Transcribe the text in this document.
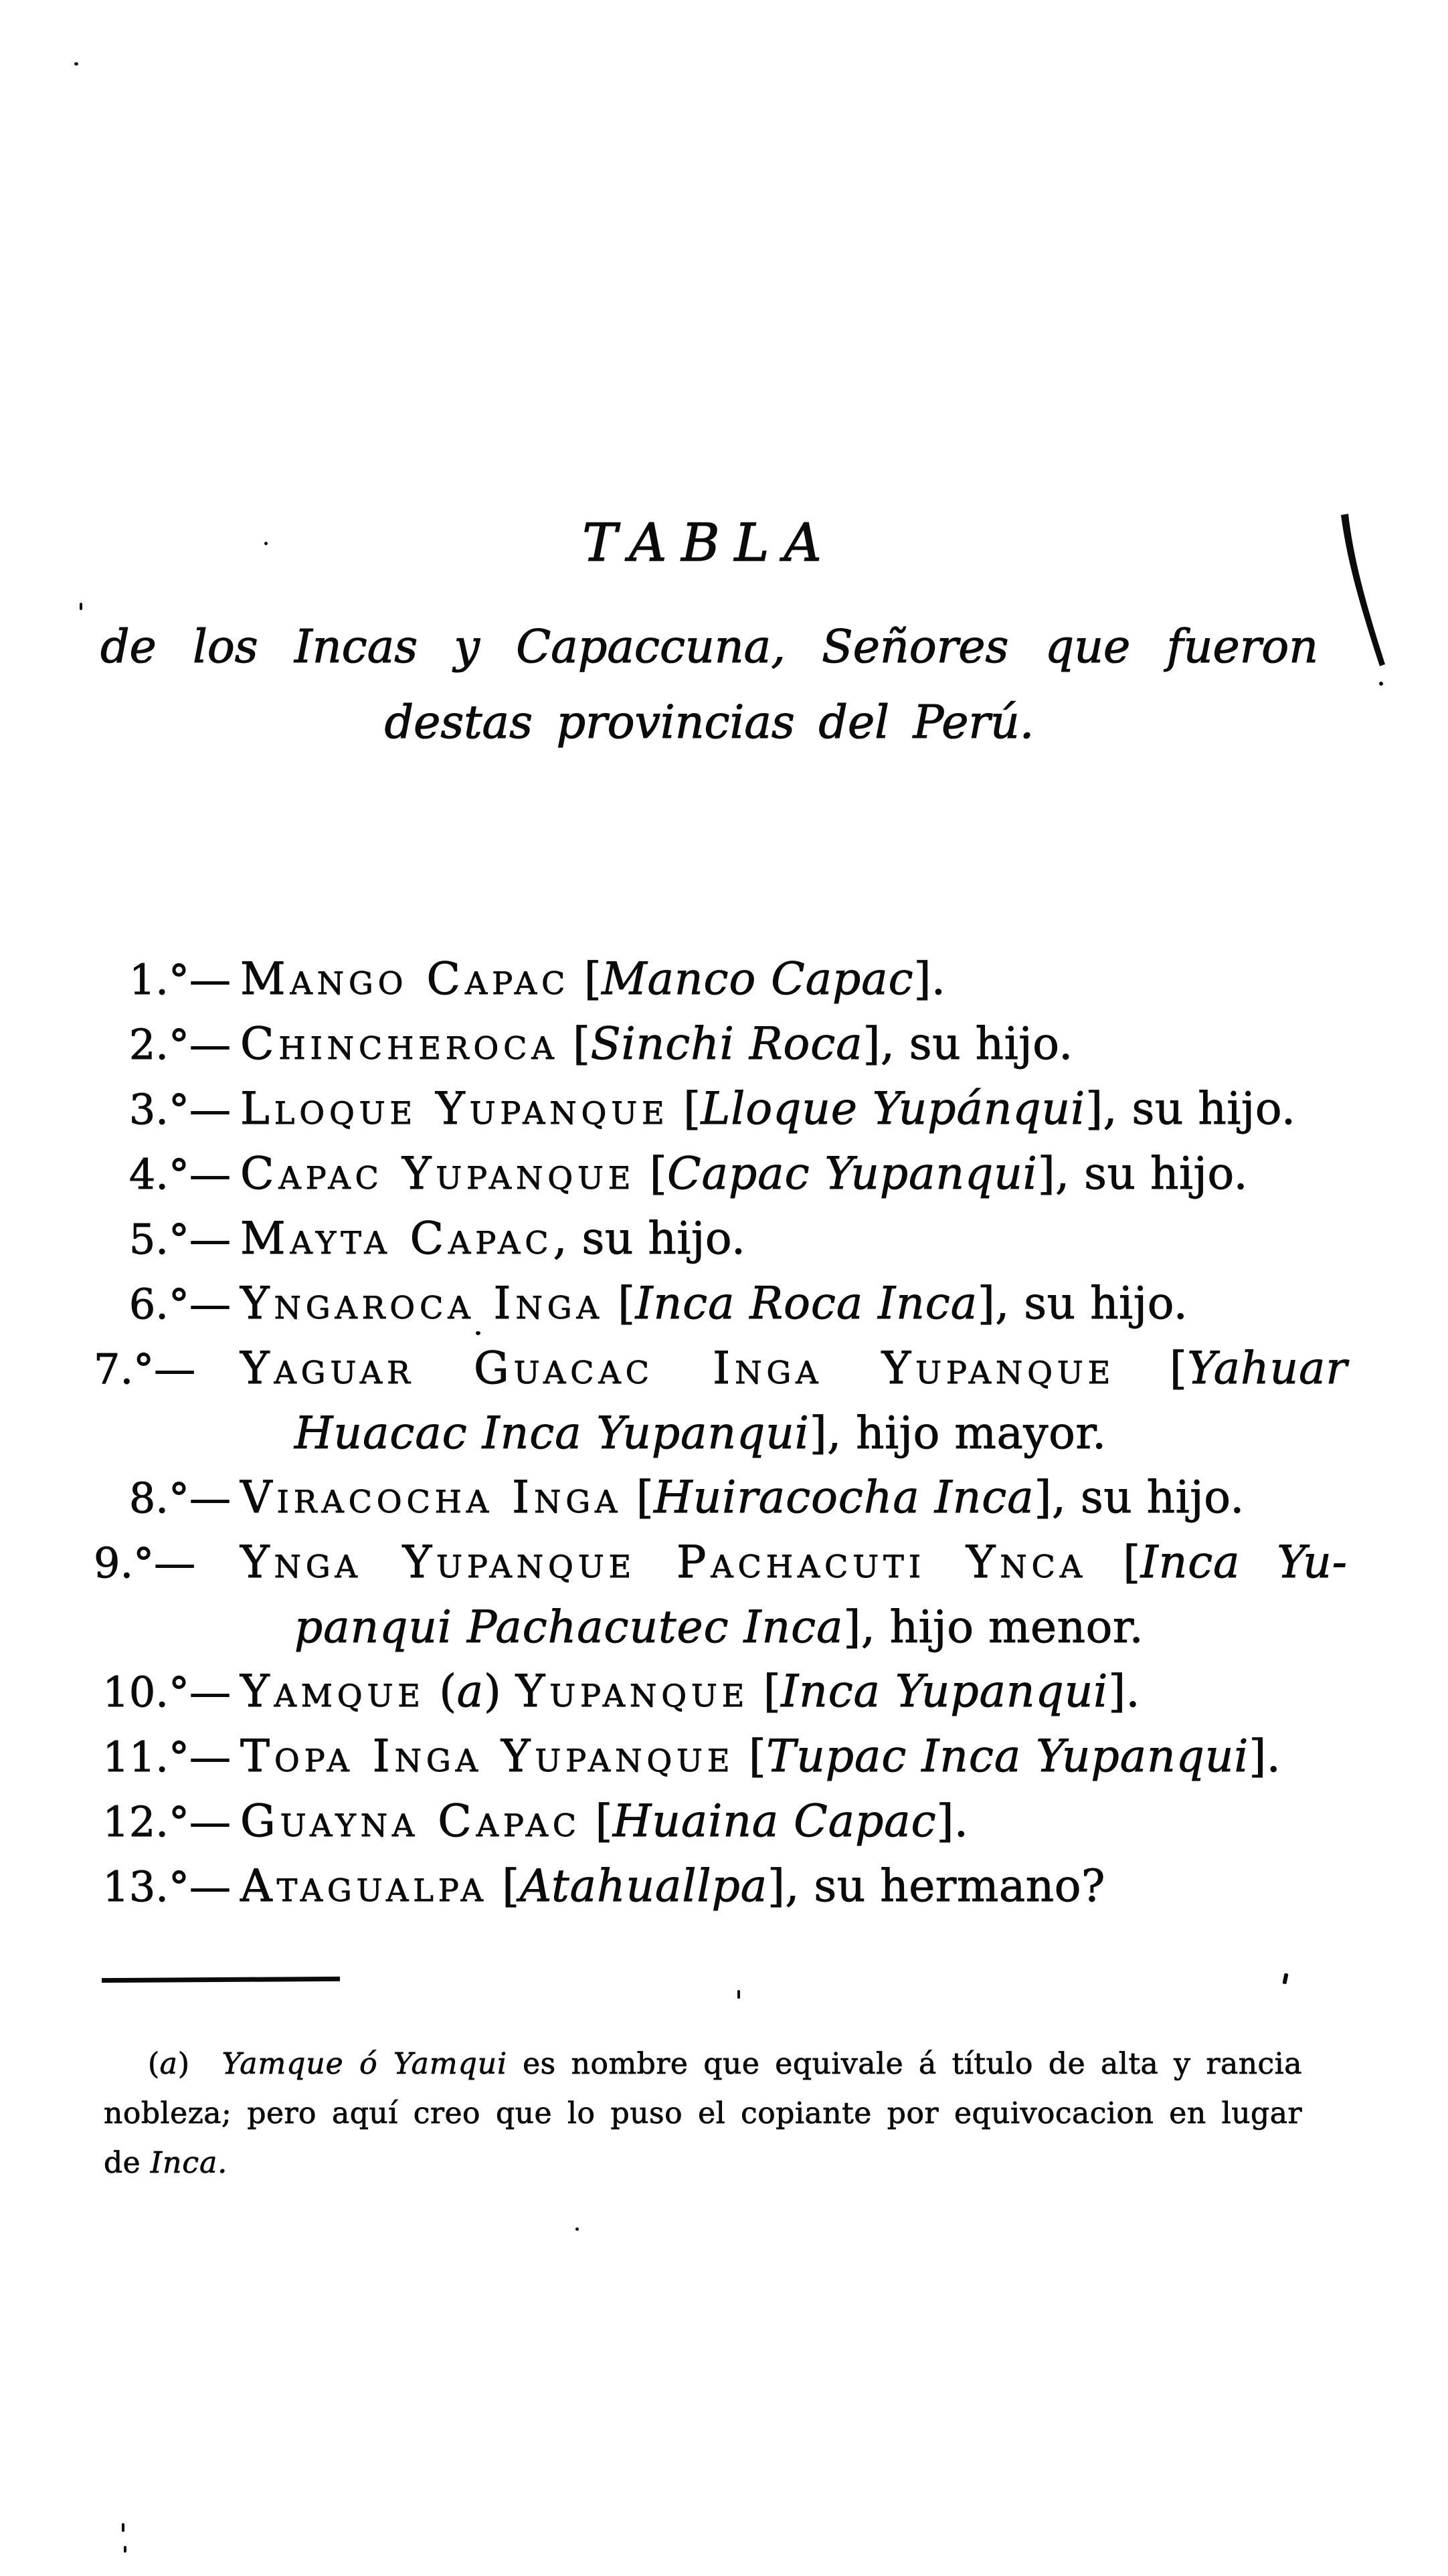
TABLA
de los Incas y Capaccuna, Señores que fueron
destas provincias del Perú.
1.°— Mango Capac [Manco Capac].
2.°— Chincheroca [Sinchi Roca], su hijo.
3.°— Lloque Yupanque [Lloque Yupánqui], su hijo.
4.°— Capac Yupanque [Capac Yupanqui], su hijo.
5.°— Mayta Capac, su hijo.
6.°— Yngaroca Inga [Inca Roca Inca], su hijo.
7.°— Yaguar Guacac Inga Yupanque [Yahuar
Huacac Inca Yupanqui], hijo mayor.
8.°— Viracocha Inga [Huiracocha Inca], su hijo.
9.°— Ynga Yupanque Pachacuti Ynca [Inca Yu-
panqui Pachacutec Inca], hijo menor.
10.°— Yamque (a) Yupanque [Inca Yupanqui].
11.°— Topa Inga Yupanque [Tupac Inca Yupanqui].
12.°— Guayna Capac [Huaina Capac].
13.°— Atagualpa [Atahuallpa], su hermano?
(a) Yamque ó Yamqui es nombre que equivale á título de alta y rancia
nobleza; pero aquí creo que lo puso el copiante por equivocacion en lugar
de Inca.
